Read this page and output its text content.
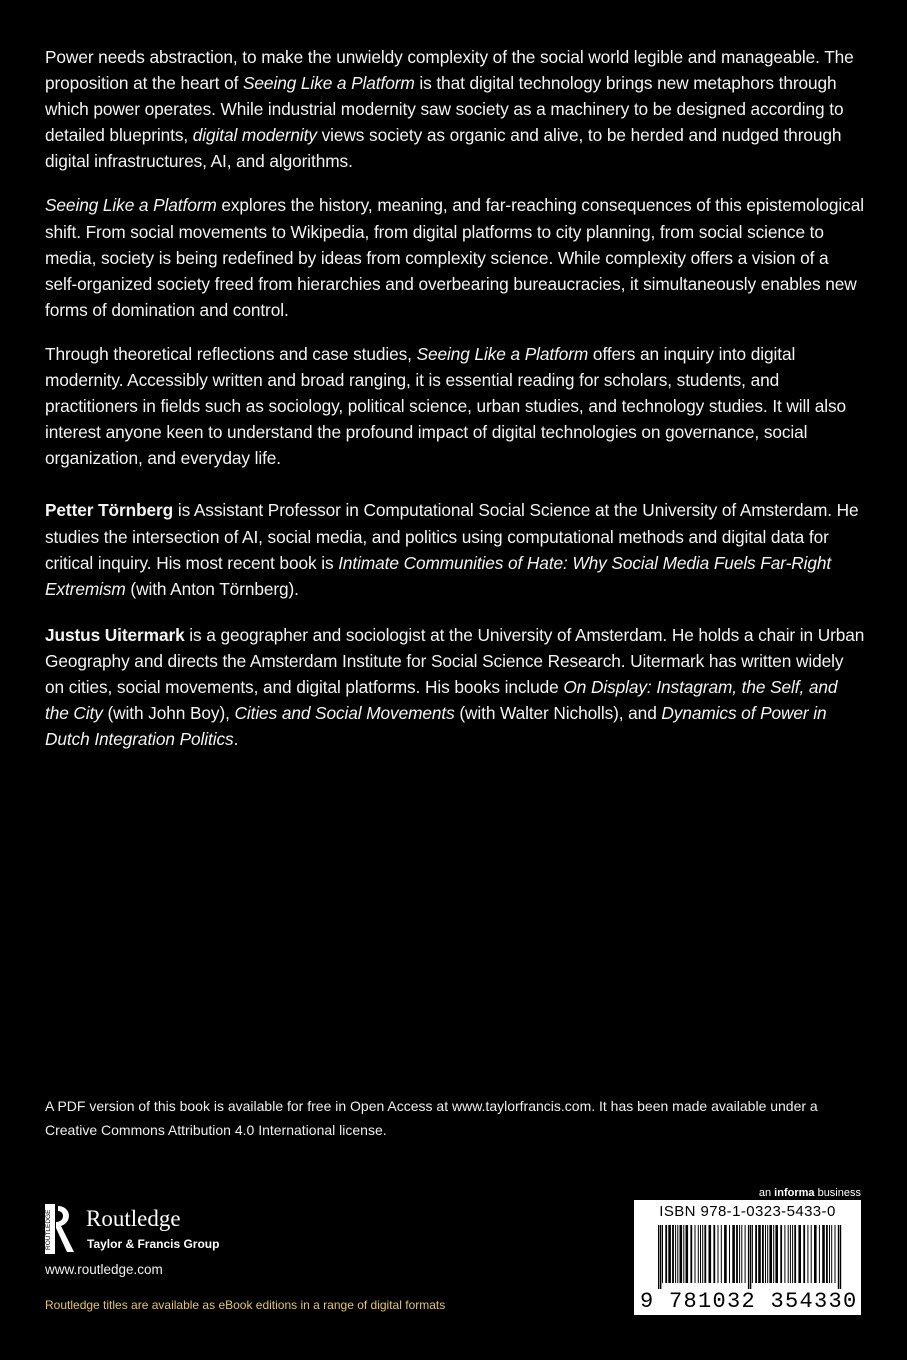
Power needs abstraction, to make the unwieldy complexity of the social world legible and manageable. The proposition at the heart of Seeing Like a Platform is that digital technology brings new metaphors through which power operates. While industrial modernity saw society as a machinery to be designed according to detailed blueprints, digital modernity views society as organic and alive, to be herded and nudged through digital infrastructures, AI, and algorithms.

Seeing Like a Platform explores the history, meaning, and far-reaching consequences of this epistemological shift. From social movements to Wikipedia, from digital platforms to city planning, from social science to media, society is being redefined by ideas from complexity science. While complexity offers a vision of a self-organized society freed from hierarchies and overbearing bureaucracies, it simultaneously enables new forms of domination and control.

Through theoretical reflections and case studies, Seeing Like a Platform offers an inquiry into digital modernity. Accessibly written and broad ranging, it is essential reading for scholars, students, and practitioners in fields such as sociology, political science, urban studies, and technology studies. It will also interest anyone keen to understand the profound impact of digital technologies on governance, social organization, and everyday life.

Petter Törnberg is Assistant Professor in Computational Social Science at the University of Amsterdam. He studies the intersection of AI, social media, and politics using computational methods and digital data for critical inquiry. His most recent book is Intimate Communities of Hate: Why Social Media Fuels Far-Right Extremism (with Anton Törnberg).

Justus Uitermark is a geographer and sociologist at the University of Amsterdam. He holds a chair in Urban Geography and directs the Amsterdam Institute for Social Science Research. Uitermark has written widely on cities, social movements, and digital platforms. His books include On Display: Instagram, the Self, and the City (with John Boy), Cities and Social Movements (with Walter Nicholls), and Dynamics of Power in Dutch Integration Politics.

A PDF version of this book is available for free in Open Access at www.taylorfrancis.com. It has been made available under a Creative Commons Attribution 4.0 International license.
ROUTLEDGE Routledge
Taylor & Francis Group
www.routledge.com
Routledge titles are available as eBook editions in a range of digital formats
an informa business
ISBN 978-1-0323-5433-0
9 781032 354330
